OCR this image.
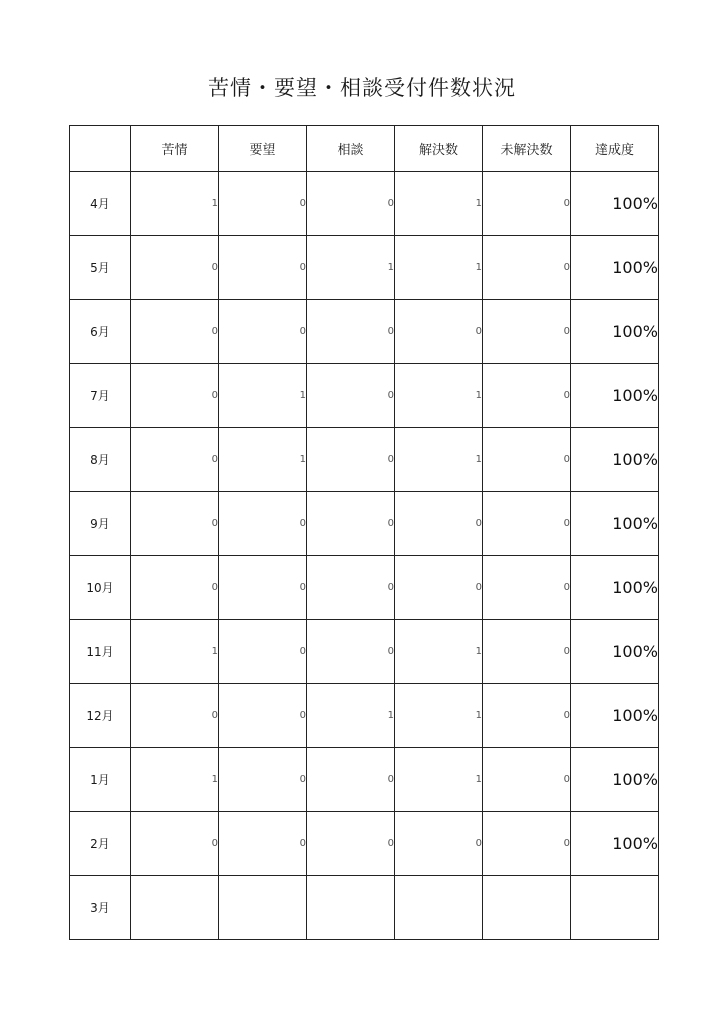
苦情・要望・相談受付件数状況
	苦情	要望	相談	解決数	未解決数	達成度
4月	1	0	0	1	0	100%
5月	0	0	1	1	0	100%
6月	0	0	0	0	0	100%
7月	0	1	0	1	0	100%
8月	0	1	0	1	0	100%
9月	0	0	0	0	0	100%
10月	0	0	0	0	0	100%
11月	1	0	0	1	0	100%
12月	0	0	1	1	0	100%
1月	1	0	0	1	0	100%
2月	0	0	0	0	0	100%
3月						
